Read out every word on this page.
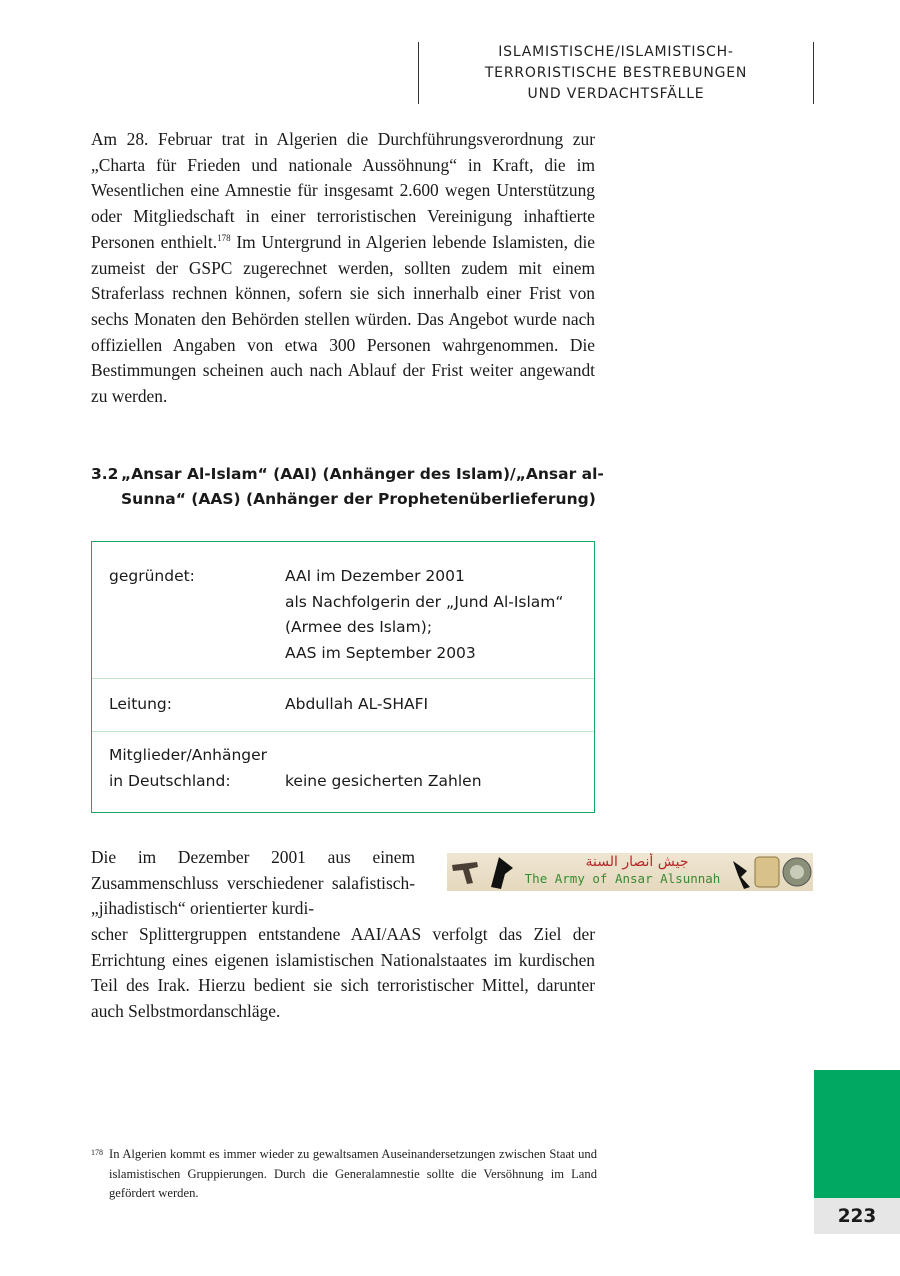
ISLAMISTISCHE/ISLAMISTISCH-
TERRORISTISCHE BESTREBUNGEN
UND VERDACHTSFÄLLE

Am 28. Februar trat in Algerien die Durchführungsverordnung zur „Charta für Frieden und nationale Aussöhnung“ in Kraft, die im Wesentlichen eine Amnestie für insgesamt 2.600 wegen Unterstützung oder Mitgliedschaft in einer terroristischen Vereinigung inhaftierte Personen enthielt.$^{178}$ Im Untergrund in Algerien lebende Islamisten, die zumeist der GSPC zugerechnet werden, sollten zudem mit einem Straferlass rechnen können, sofern sie sich innerhalb einer Frist von sechs Monaten den Behörden stellen würden. Das Angebot wurde nach offiziellen Angaben von etwa 300 Personen wahrgenommen. Die Bestimmungen scheinen auch nach Ablauf der Frist weiter angewandt zu werden.

3.2 „Ansar Al-Islam“ (AAI) (Anhänger des Islam)/„Ansar al-
Sunna“ (AAS) (Anhänger der Prophetenüberlieferung)
gegründet:	AAI im Dezember 2001
als Nachfolgerin der „Jund Al-Islam“
(Armee des Islam);
AAS im September 2003
Leitung:	Abdullah AL-SHAFI
Mitglieder/Anhänger
in Deutschland:	keine gesicherten Zahlen

Die im Dezember 2001 aus einem Zusammenschluss verschiedener salafistisch-„jihadistisch“ orientierter kurdi-

جيش أنصار السنة
The Army of Ansar Alsunnah

scher Splittergruppen entstandene AAI/AAS verfolgt das Ziel der Errichtung eines eigenen islamistischen Nationalstaates im kurdischen Teil des Irak. Hierzu bedient sie sich terroristischer Mittel, darunter auch Selbstmordanschläge.

178 In Algerien kommt es immer wieder zu gewaltsamen Auseinandersetzungen zwischen Staat und islamistischen Gruppierungen. Durch die Generalamnestie sollte die Versöhnung im Land gefördert werden.
223
